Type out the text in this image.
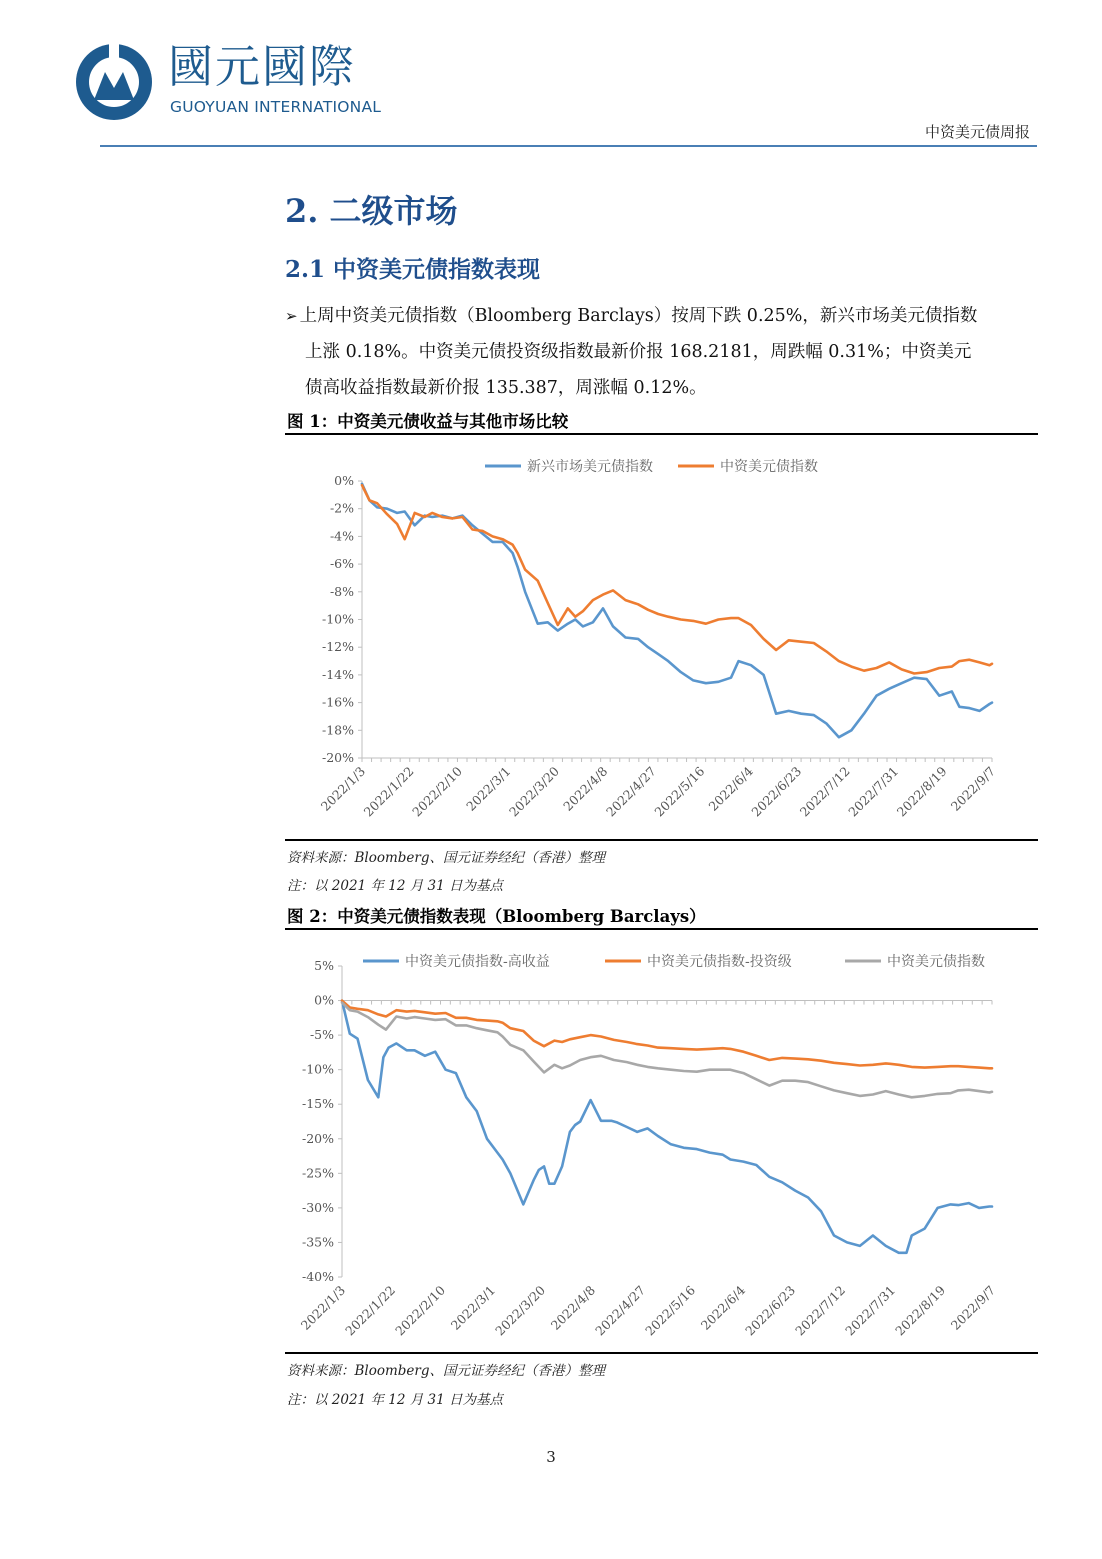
國元國際
GUOYUAN INTERNATIONAL
中资美元债周报
2. 二级市场
2.1 中资美元债指数表现
➢ 上周中资美元债指数（Bloomberg Barclays）按周下跌 0.25%，新兴市场美元债指数
上涨 0.18%。中资美元债投资级指数最新价报 168.2181，周跌幅 0.31%；中资美元
债高收益指数最新价报 135.387，周涨幅 0.12%。
图 1：中资美元债收益与其他市场比较
0%
-2%
-4%
-6%
-8%
-10%
-12%
-14%
-16%
-18%
-20%
2022/1/3
2022/1/22
2022/2/10
2022/3/1
2022/3/20
2022/4/8
2022/4/27
2022/5/16
2022/6/4
2022/6/23
2022/7/12
2022/7/31
2022/8/19
2022/9/7
新兴市场美元债指数	中资美元债指数
资料来源：Bloomberg、国元证券经纪（香港）整理
注：以 2021 年 12 月 31 日为基点
图 2：中资美元债指数表现（Bloomberg Barclays）
5%
0%
-5%
-10%
-15%
-20%
-25%
-30%
-35%
-40%
2022/1/3
2022/1/22
2022/2/10 2022/3/1
2022/3/20 2022/4/8
2022/4/27
2022/5/16 2022/6/4
2022/6/23
2022/7/12
2022/7/31
2022/8/19 2022/9/7
中资美元债指数-高收益	中资美元债指数-投资级	中资美元债指数
资料来源：Bloomberg、国元证券经纪（香港）整理
注：以 2021 年 12 月 31 日为基点
3
